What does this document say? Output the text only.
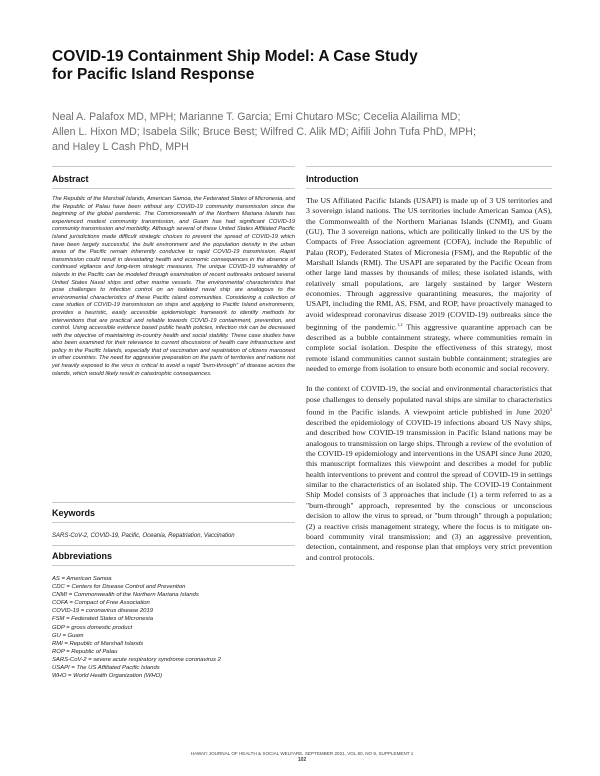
COVID-19 Containment Ship Model: A Case Study
for Pacific Island Response
Neal A. Palafox MD, MPH; Marianne T. Garcia; Emi Chutaro MSc; Cecelia Alailima MD;
Allen L. Hixon MD; Isabela Silk; Bruce Best; Wilfred C. Alik MD; Aifili John Tufa PhD, MPH;
and Haley L Cash PhD, MPH
Abstract

The Republic of the Marshall Islands, American Samoa, the Federated States of Micronesia, and the Republic of Palau have been without any COVID-19 community transmission since the beginning of the global pandemic. The Commonwealth of the Northern Mariana Islands has experienced modest community transmission, and Guam has had significant COVID-19 community transmission and morbidity. Although several of these United States Affiliated Pacific Island jurisdictions made difficult strategic choices to prevent the spread of COVID-19 which have been largely successful, the built environment and the population density in the urban areas of the Pacific remain inherently conducive to rapid COVID-19 transmission. Rapid transmission could result in devastating health and economic consequences in the absence of continued vigilance and long-term strategic measures. The unique COVID-19 vulnerability of islands in the Pacific can be modeled through examination of recent outbreaks onboard several United States Naval ships and other marine vessels. The environmental characteristics that pose challenges to infection control on an isolated naval ship are analogous to the environmental characteristics of these Pacific island communities. Considering a collection of case studies of COVID-19 transmission on ships and applying to Pacific Island environments, provides a heuristic, easily accessible epidemiologic framework to identify methods for interventions that are practical and reliable towards COVID-19 containment, prevention, and control. Using accessible evidence based public health policies, infection risk can be decreased with the objective of maintaining in-country health and social stability. These case studies have also been examined for their relevance to current discussions of health care infrastructure and policy in the Pacific Islands, especially that of vaccination and repatriation of citizens marooned in other countries. The need for aggressive preparation on the parts of territories and nations not yet heavily exposed to the virus is critical to avoid a rapid "burn-through" of disease across the islands, which would likely result in catastrophic consequences.

Keywords

SARS-CoV-2, COVID-19, Pacific, Oceania, Repatriation, Vaccination

Abbreviations
AS = American Samoa
CDC = Centers for Disease Control and Prevention
CNMI = Commonwealth of the Northern Mariana Islands
COFA = Compact of Free Association
COVID-19 = coronavirus disease 2019
FSM = Federated States of Micronesia
GDP = gross domestic product
GU = Guam
RMI = Republic of Marshall Islands
ROP = Republic of Palau
SARS-CoV-2 = severe acute respiratory syndrome coronavirus 2
USAPI = The US Affiliated Pacific Islands
WHO = World Health Organization (WHO)
Introduction

The US Affiliated Pacific Islands (USAPI) is made up of 3 US territories and 3 sovereign island nations. The US territories include American Samoa (AS), the Commonwealth of the Northern Marianas Islands (CNMI), and Guam (GU). The 3 sovereign nations, which are politically linked to the US by the Compacts of Free Association agreement (COFA), include the Republic of Palau (ROP), Federated States of Micronesia (FSM), and the Republic of the Marshall Islands (RMI). The USAPI are separated by the Pacific Ocean from other large land masses by thousands of miles; these isolated islands, with relatively small populations, are largely sustained by larger Western economies. Through aggressive quarantining measures, the majority of USAPI, including the RMI, AS, FSM, and ROP, have proactively managed to avoid widespread coronavirus disease 2019 (COVID-19) outbreaks since the beginning of the pandemic.$^{1,2}$ This aggressive quarantine approach can be described as a bubble containment strategy, where communities remain in complete social isolation. Despite the effectiveness of this strategy, most remote island communities cannot sustain bubble containment; strategies are needed to emerge from isolation to ensure both economic and social recovery.

In the context of COVID-19, the social and environmental characteristics that pose challenges to densely populated naval ships are similar to characteristics found in the Pacific islands. A viewpoint article published in June 2020$^3$ described the epidemiology of COVID-19 infections aboard US Navy ships, and described how COVID-19 transmission in Pacific Island nations may be analogous to transmission on large ships. Through a review of the evolution of the COVID-19 epidemiology and interventions in the USAPI since June 2020, this manuscript formalizes this viewpoint and describes a model for public health interventions to prevent and control the spread of COVID-19 in settings similar to the characteristics of an isolated ship. The COVID-19 Containment Ship Model consists of 3 approaches that include (1) a term referred to as a "burn-through" approach, represented by the conscious or unconscious decision to allow the virus to spread, or "burn through" through a population; (2) a reactive crisis management strategy, where the focus is to mitigate on-board community viral transmission; and (3) an aggressive prevention, detection, containment, and response plan that employs very strict prevention and control protocols.

HAWAI'I JOURNAL OF HEALTH & SOCIAL WELFARE, SEPTEMBER 2021, VOL 80, NO 9, SUPPLEMENT 1
102
